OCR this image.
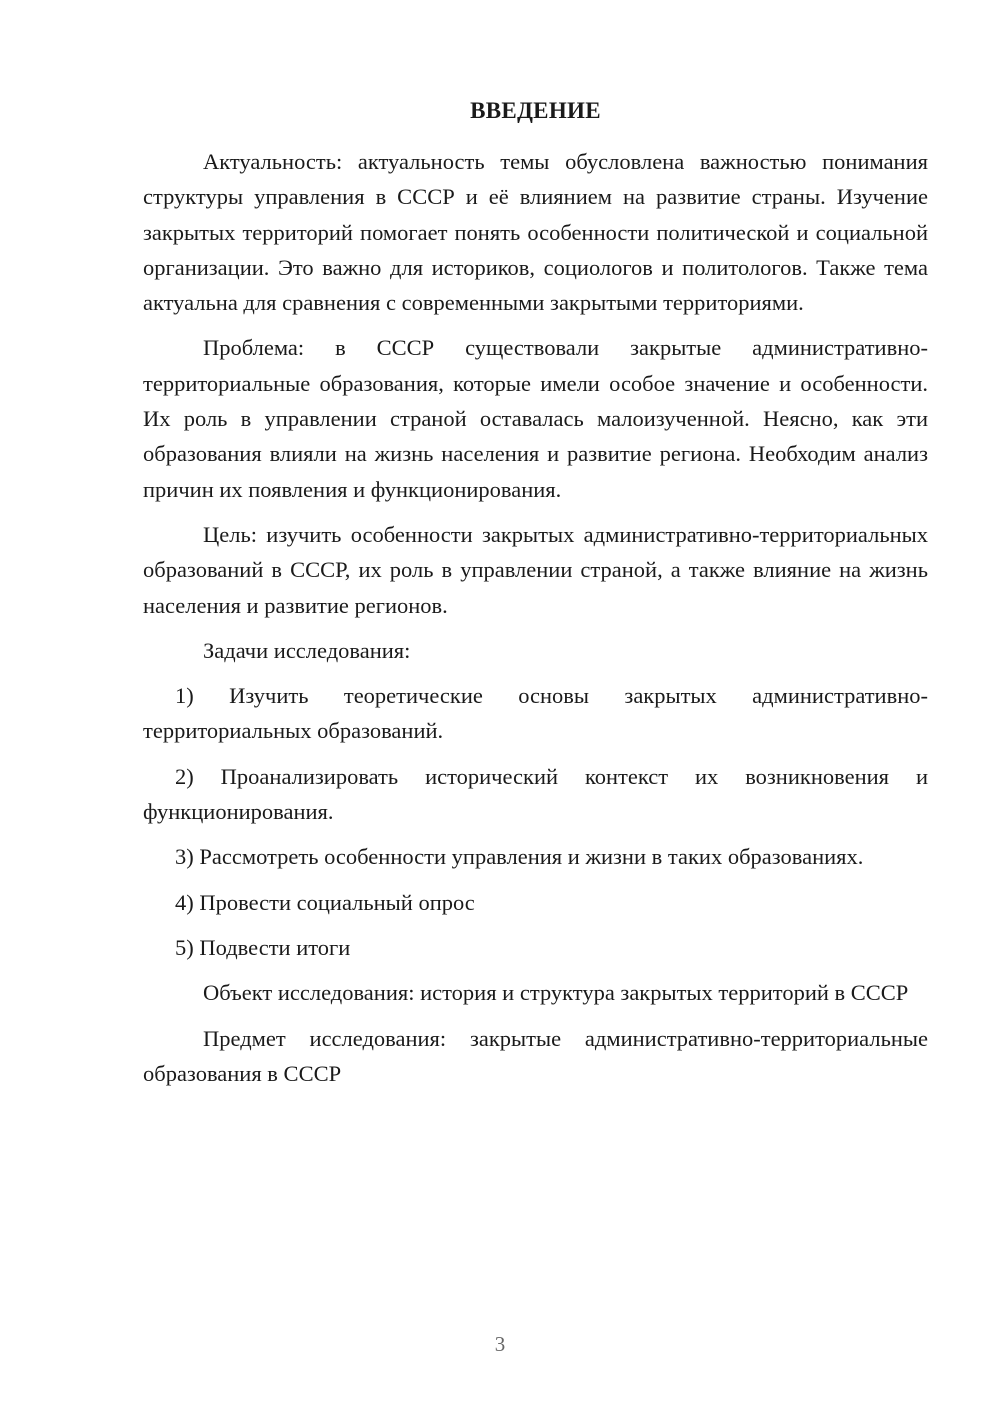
ВВЕДЕНИЕ

Актуальность: актуальность темы обусловлена важностью понимания структуры управления в СССР и её влиянием на развитие страны. Изучение закрытых территорий помогает понять особенности политической и социальной организации. Это важно для историков, социологов и политологов. Также тема актуальна для сравнения с современными закрытыми территориями.

Проблема: в СССР существовали закрытые административно-территориальные образования, которые имели особое значение и особенности. Их роль в управлении страной оставалась малоизученной. Неясно, как эти образования влияли на жизнь населения и развитие региона. Необходим анализ причин их появления и функционирования.

Цель: изучить особенности закрытых административно-территориальных образований в СССР, их роль в управлении страной, а также влияние на жизнь населения и развитие регионов.

Задачи исследования:

1) Изучить теоретические основы закрытых административно-территориальных образований.

2) Проанализировать исторический контекст их возникновения и функционирования.

3) Рассмотреть особенности управления и жизни в таких образованиях.

4) Провести социальный опрос

5) Подвести итоги

Объект исследования: история и структура закрытых территорий в СССР

Предмет исследования: закрытые административно-территориальные образования в СССР

3
